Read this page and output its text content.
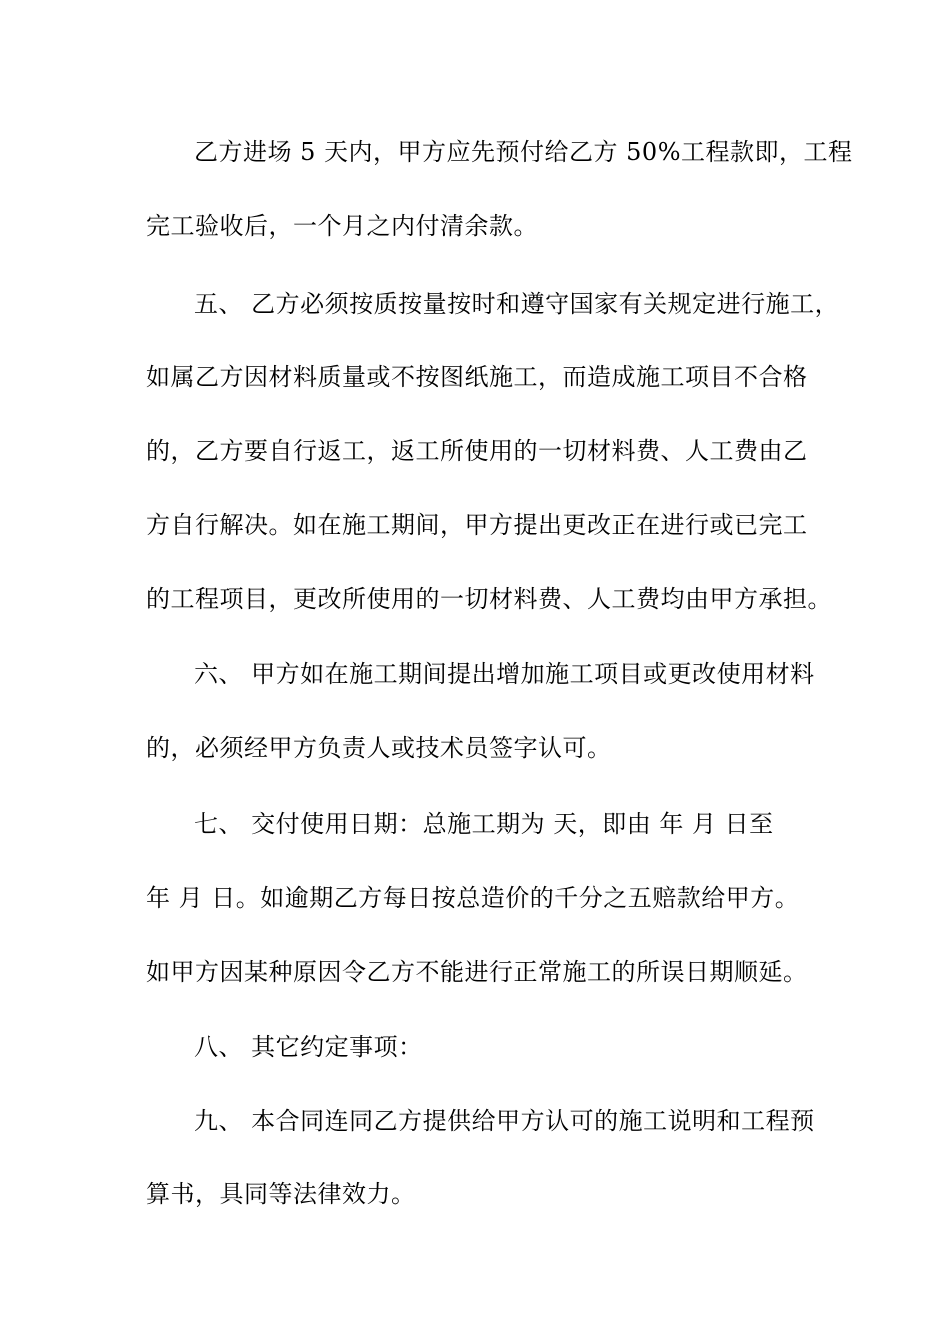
乙方进场 5 天内，甲方应先预付给乙方 50%工程款即，工程
完工验收后，一个月之内付清余款。
五、 乙方必须按质按量按时和遵守国家有关规定进行施工，
如属乙方因材料质量或不按图纸施工，而造成施工项目不合格
的，乙方要自行返工，返工所使用的一切材料费、人工费由乙
方自行解决。如在施工期间，甲方提出更改正在进行或已完工
的工程项目，更改所使用的一切材料费、人工费均由甲方承担。
六、 甲方如在施工期间提出增加施工项目或更改使用材料
的，必须经甲方负责人或技术员签字认可。
七、 交付使用日期：总施工期为 天，即由 年 月 日至
年 月 日。如逾期乙方每日按总造价的千分之五赔款给甲方。
如甲方因某种原因令乙方不能进行正常施工的所误日期顺延。
八、 其它约定事项：
九、 本合同连同乙方提供给甲方认可的施工说明和工程预
算书，具同等法律效力。
